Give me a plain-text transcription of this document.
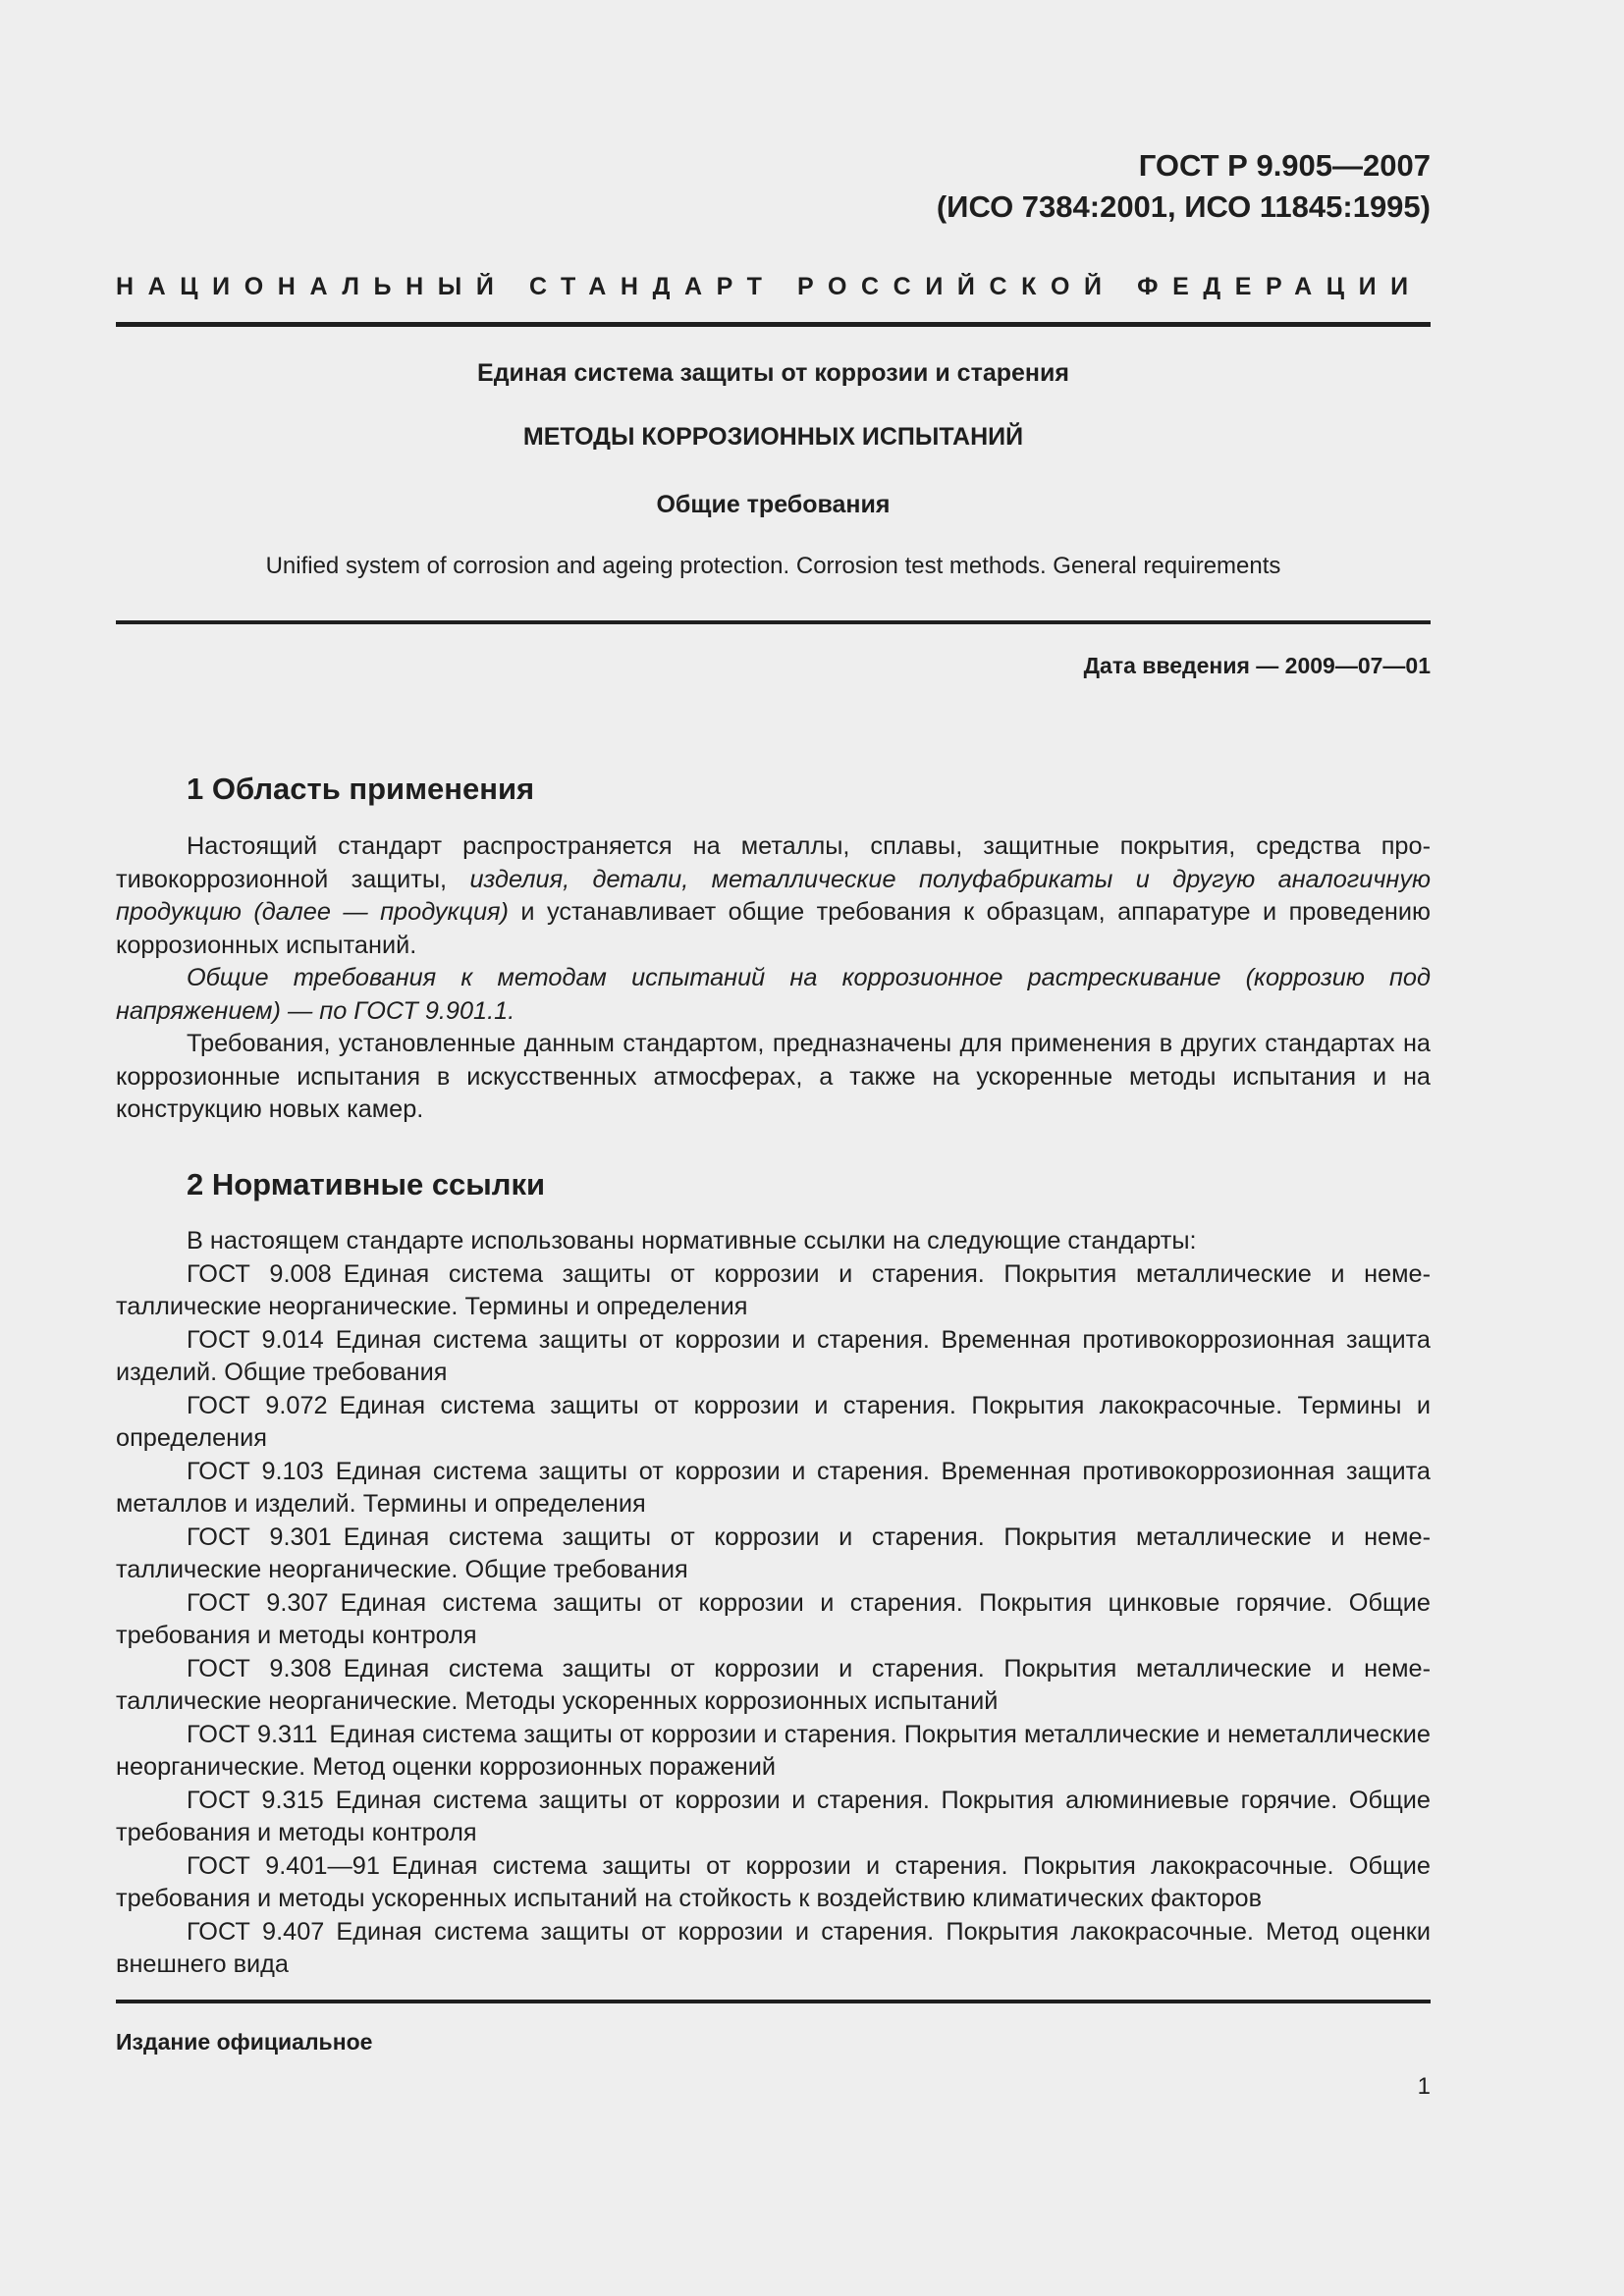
ГОСТ Р 9.905—2007
(ИСО 7384:2001, ИСО 11845:1995)
НАЦИОНАЛЬНЫЙ СТАНДАРТ РОССИЙСКОЙ ФЕДЕРАЦИИ
Единая система защиты от коррозии и старения
МЕТОДЫ КОРРОЗИОННЫХ ИСПЫТАНИЙ
Общие требования
Unified system of corrosion and ageing protection. Corrosion test methods. General requirements
Дата введения — 2009—07—01
1 Область применения

Настоящий стандарт распространяется на металлы, сплавы, защитные покрытия, средства противокоррозионной защиты, изделия, детали, металлические полуфабрикаты и другую аналогичную продукцию (далее — продукция) и устанавливает общие требования к образцам, аппаратуре и проведению коррозионных испытаний.

Общие требования к методам испытаний на коррозионное растрескивание (коррозию под напряжением) — по ГОСТ 9.901.1.

Требования, установленные данным стандартом, предназначены для применения в других стандартах на коррозионные испытания в искусственных атмосферах, а также на ускоренные методы испытания и на конструкцию новых камер.

2 Нормативные ссылки

В настоящем стандарте использованы нормативные ссылки на следующие стандарты:

ГОСТ 9.008 Единая система защиты от коррозии и старения. Покрытия металлические и неметаллические неорганические. Термины и определения

ГОСТ 9.014 Единая система защиты от коррозии и старения. Временная противокоррозионная защита изделий. Общие требования

ГОСТ 9.072 Единая система защиты от коррозии и старения. Покрытия лакокрасочные. Термины и определения

ГОСТ 9.103 Единая система защиты от коррозии и старения. Временная противокоррозионная защита металлов и изделий. Термины и определения

ГОСТ 9.301 Единая система защиты от коррозии и старения. Покрытия металлические и неметаллические неорганические. Общие требования

ГОСТ 9.307 Единая система защиты от коррозии и старения. Покрытия цинковые горячие. Общие требования и методы контроля

ГОСТ 9.308 Единая система защиты от коррозии и старения. Покрытия металлические и неметаллические неорганические. Методы ускоренных коррозионных испытаний

ГОСТ 9.311 Единая система защиты от коррозии и старения. Покрытия металлические и неметаллические неорганические. Метод оценки коррозионных поражений

ГОСТ 9.315 Единая система защиты от коррозии и старения. Покрытия алюминиевые горячие. Общие требования и методы контроля

ГОСТ 9.401—91 Единая система защиты от коррозии и старения. Покрытия лакокрасочные. Общие требования и методы ускоренных испытаний на стойкость к воздействию климатических факторов

ГОСТ 9.407 Единая система защиты от коррозии и старения. Покрытия лакокрасочные. Метод оценки внешнего вида

Издание официальное
1
